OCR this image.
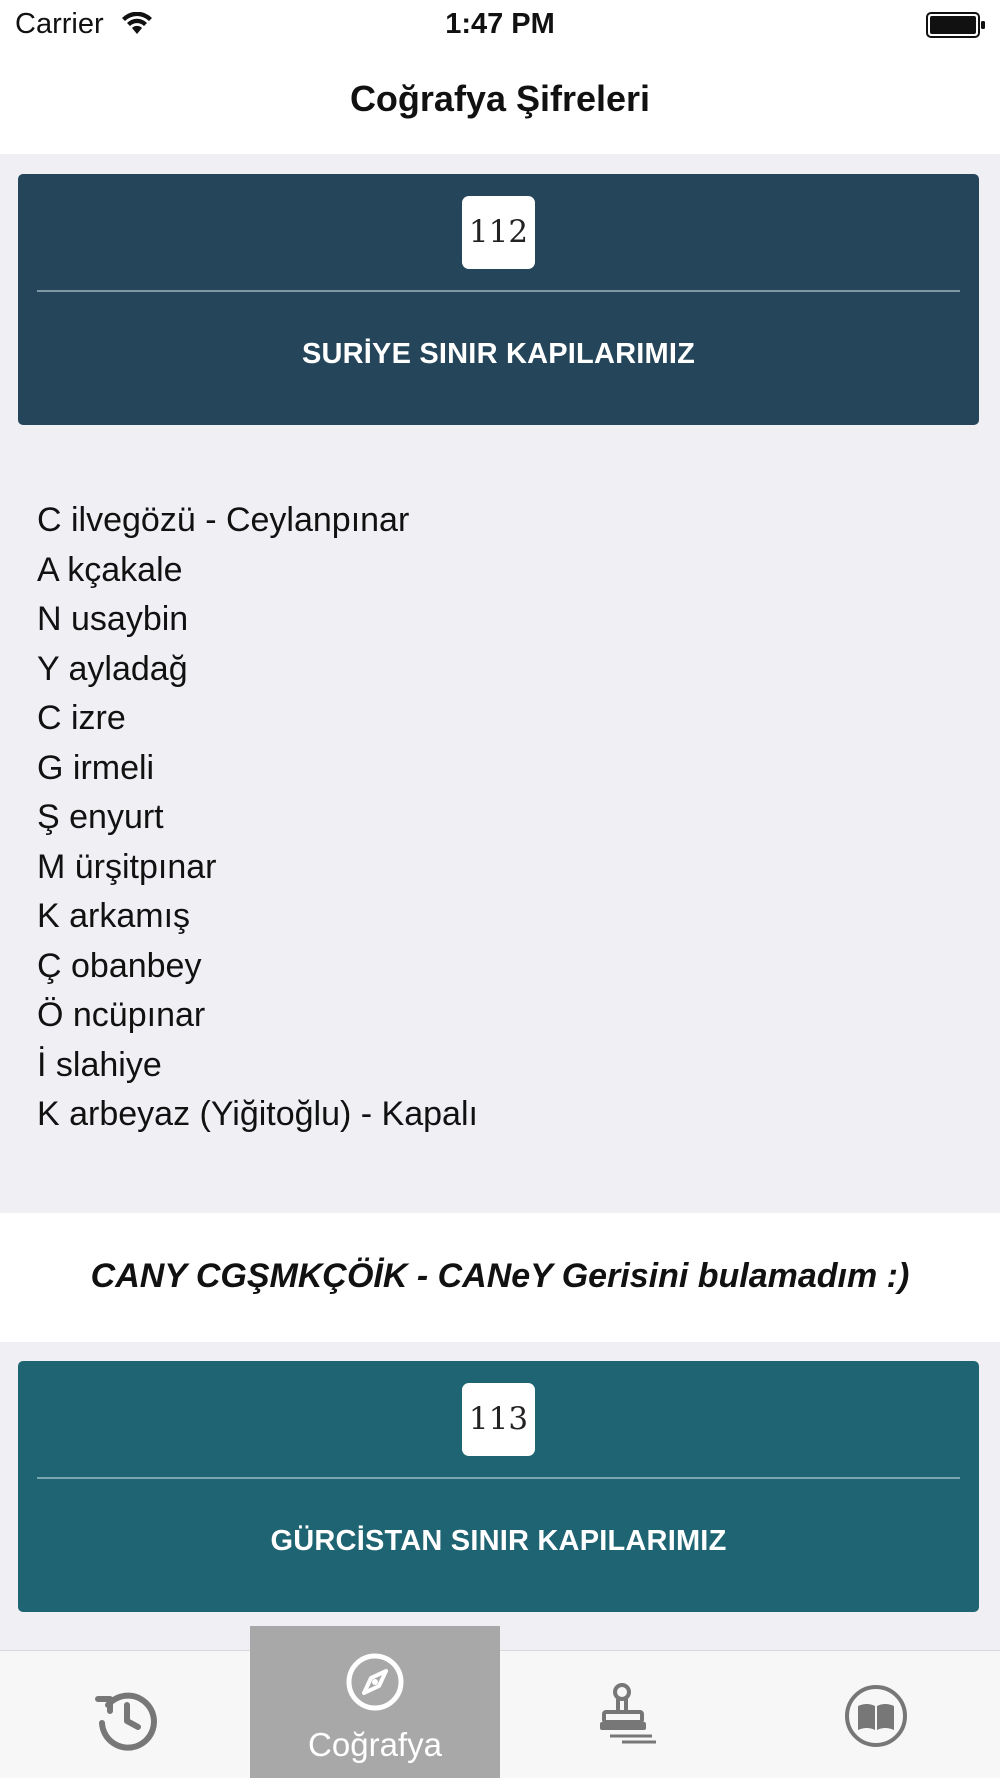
Carrier	1:47 PM
Coğrafya Şifreleri
112
SURİYE SINIR KAPILARIMIZ
C ilvegözü - Ceylanpınar
A kçakale
N usaybin
Y ayladağ
C izre
G irmeli
Ş enyurt
M ürşitpınar
K arkamış
Ç obanbey
Ö ncüpınar
İ slahiye
K arbeyaz (Yiğitoğlu) - Kapalı
CANY CGŞMKÇÖİK - CANeY Gerisini bulamadım :)
113
GÜRCİSTAN SINIR KAPILARIMIZ
Coğrafya
